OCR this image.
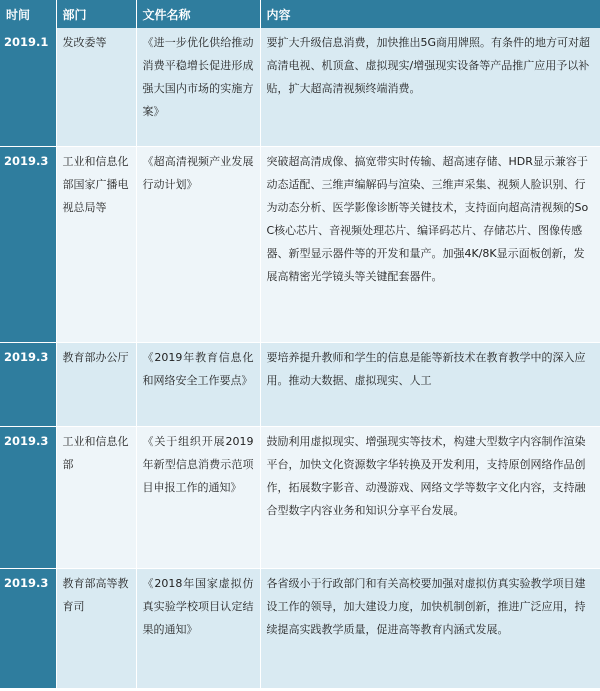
时间	部门	文件名称	内容
2019.1	发改委等	《进一步优化供给推动消费平稳增长促进形成强大国内市场的实施方案》	要扩大升级信息消费，加快推出5G商用牌照。有条件的地方可对超高清电视、机顶盒、虚拟现实/增强现实设备等产品推广应用予以补贴，扩大超高清视频终端消费。
2019.3	工业和信息化部国家广播电视总局等	《超高清视频产业发展行动计划》	突破超高清成像、搞宽带实时传输、超高速存储、HDR显示兼容于动态适配、三维声编解码与渲染、三维声采集、视频人脸识别、行为动态分析、医学影像诊断等关键技术，支持面向超高清视频的SoC核心芯片、音视频处理芯片、编译码芯片、存储芯片、图像传感器、新型显示器件等的开发和量产。加强4K/8K显示面板创新，发展高精密光学镜头等关键配套器件。
2019.3	教育部办公厅	《2019年教育信息化和网络安全工作要点》	要培养提升教师和学生的信息是能等新技术在教育教学中的深入应用。推动大数据、虚拟现实、人工
2019.3	工业和信息化部	《关于组织开展2019年新型信息消费示范项目申报工作的通知》	鼓励利用虚拟现实、增强现实等技术，构建大型数字内容制作渲染平台，加快文化资源数字华转换及开发利用，支持原创网络作品创作，拓展数字影音、动漫游戏、网络文学等数字文化内容，支持融合型数字内容业务和知识分享平台发展。
2019.3	教育部高等教育司	《2018年国家虚拟仿真实验学校项目认定结果的通知》	各省级小于行政部门和有关高校要加强对虚拟仿真实验教学项目建设工作的领导，加大建设力度，加快机制创新，推进广泛应用，持续提高实践教学质量，促进高等教育内涵式发展。
